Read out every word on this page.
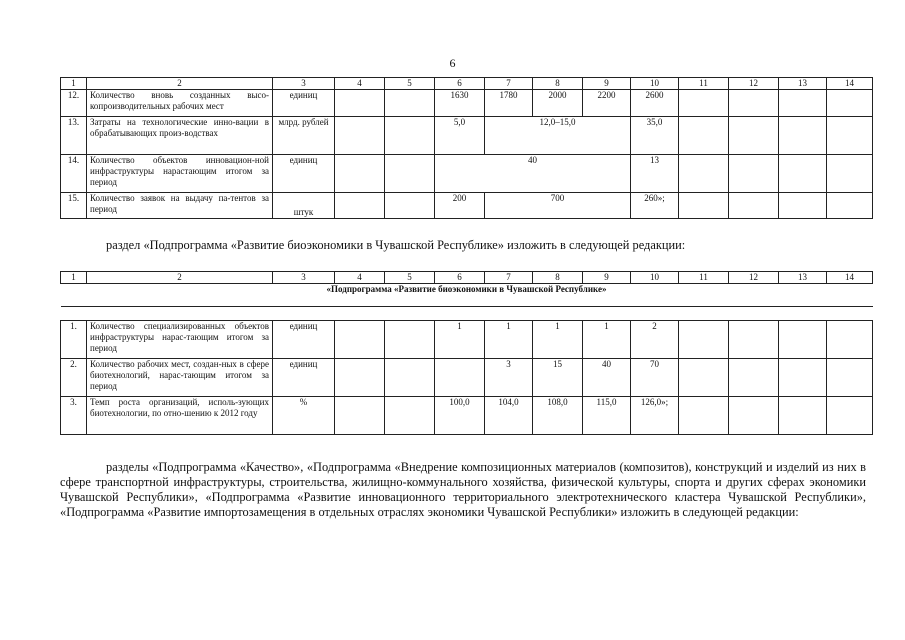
6
1	2	3	4	5	6	7	8	9	10	11	12	13	14
12.	Количество вновь созданных высо-копроизводительных рабочих мест	единиц			1630	1780	2000	2200	2600				
13.	Затраты на технологические инно-вации в обрабатывающих произ-водствах	млрд. рублей			5,0	12,0–15,0			35,0				
14.	Количество объектов инновацион-ной инфраструктуры нарастающим итогом за период	единиц			40				13				
15.	Количество заявок на выдачу па-тентов за период	штук			200	700			260»;				
раздел «Подпрограмма «Развитие биоэкономики в Чувашской Республике» изложить в следующей редакции:
1	2	3	4	5	6	7	8	9	10	11	12	13	14
«Подпрограмма «Развитие биоэкономики в Чувашской Республике»													

1.	Количество специализированных объектов инфраструктуры нарас-тающим итогом за период	единиц			1	1	1	1	2				
2.	Количество рабочих мест, создан-ных в сфере биотехнологий, нарас-тающим итогом за период	единиц				3	15	40	70				
3.	Темп роста организаций, исполь-зующих биотехнологии, по отно-шению к 2012 году	%			100,0	104,0	108,0	115,0	126,0»;				
разделы «Подпрограмма «Качество», «Подпрограмма «Внедрение композиционных материалов (композитов), конструкций и изделий из них в сфере транспортной инфраструктуры, строительства, жилищно-коммунального хозяйства, физической культуры, спорта и других сферах экономики Чувашской Республики», «Подпрограмма «Развитие инновационного территориального электротехнического кластера Чувашской Республики», «Подпрограмма «Развитие импортозамещения в отдельных отраслях экономики Чувашской Республики» изложить в следующей редакции:
